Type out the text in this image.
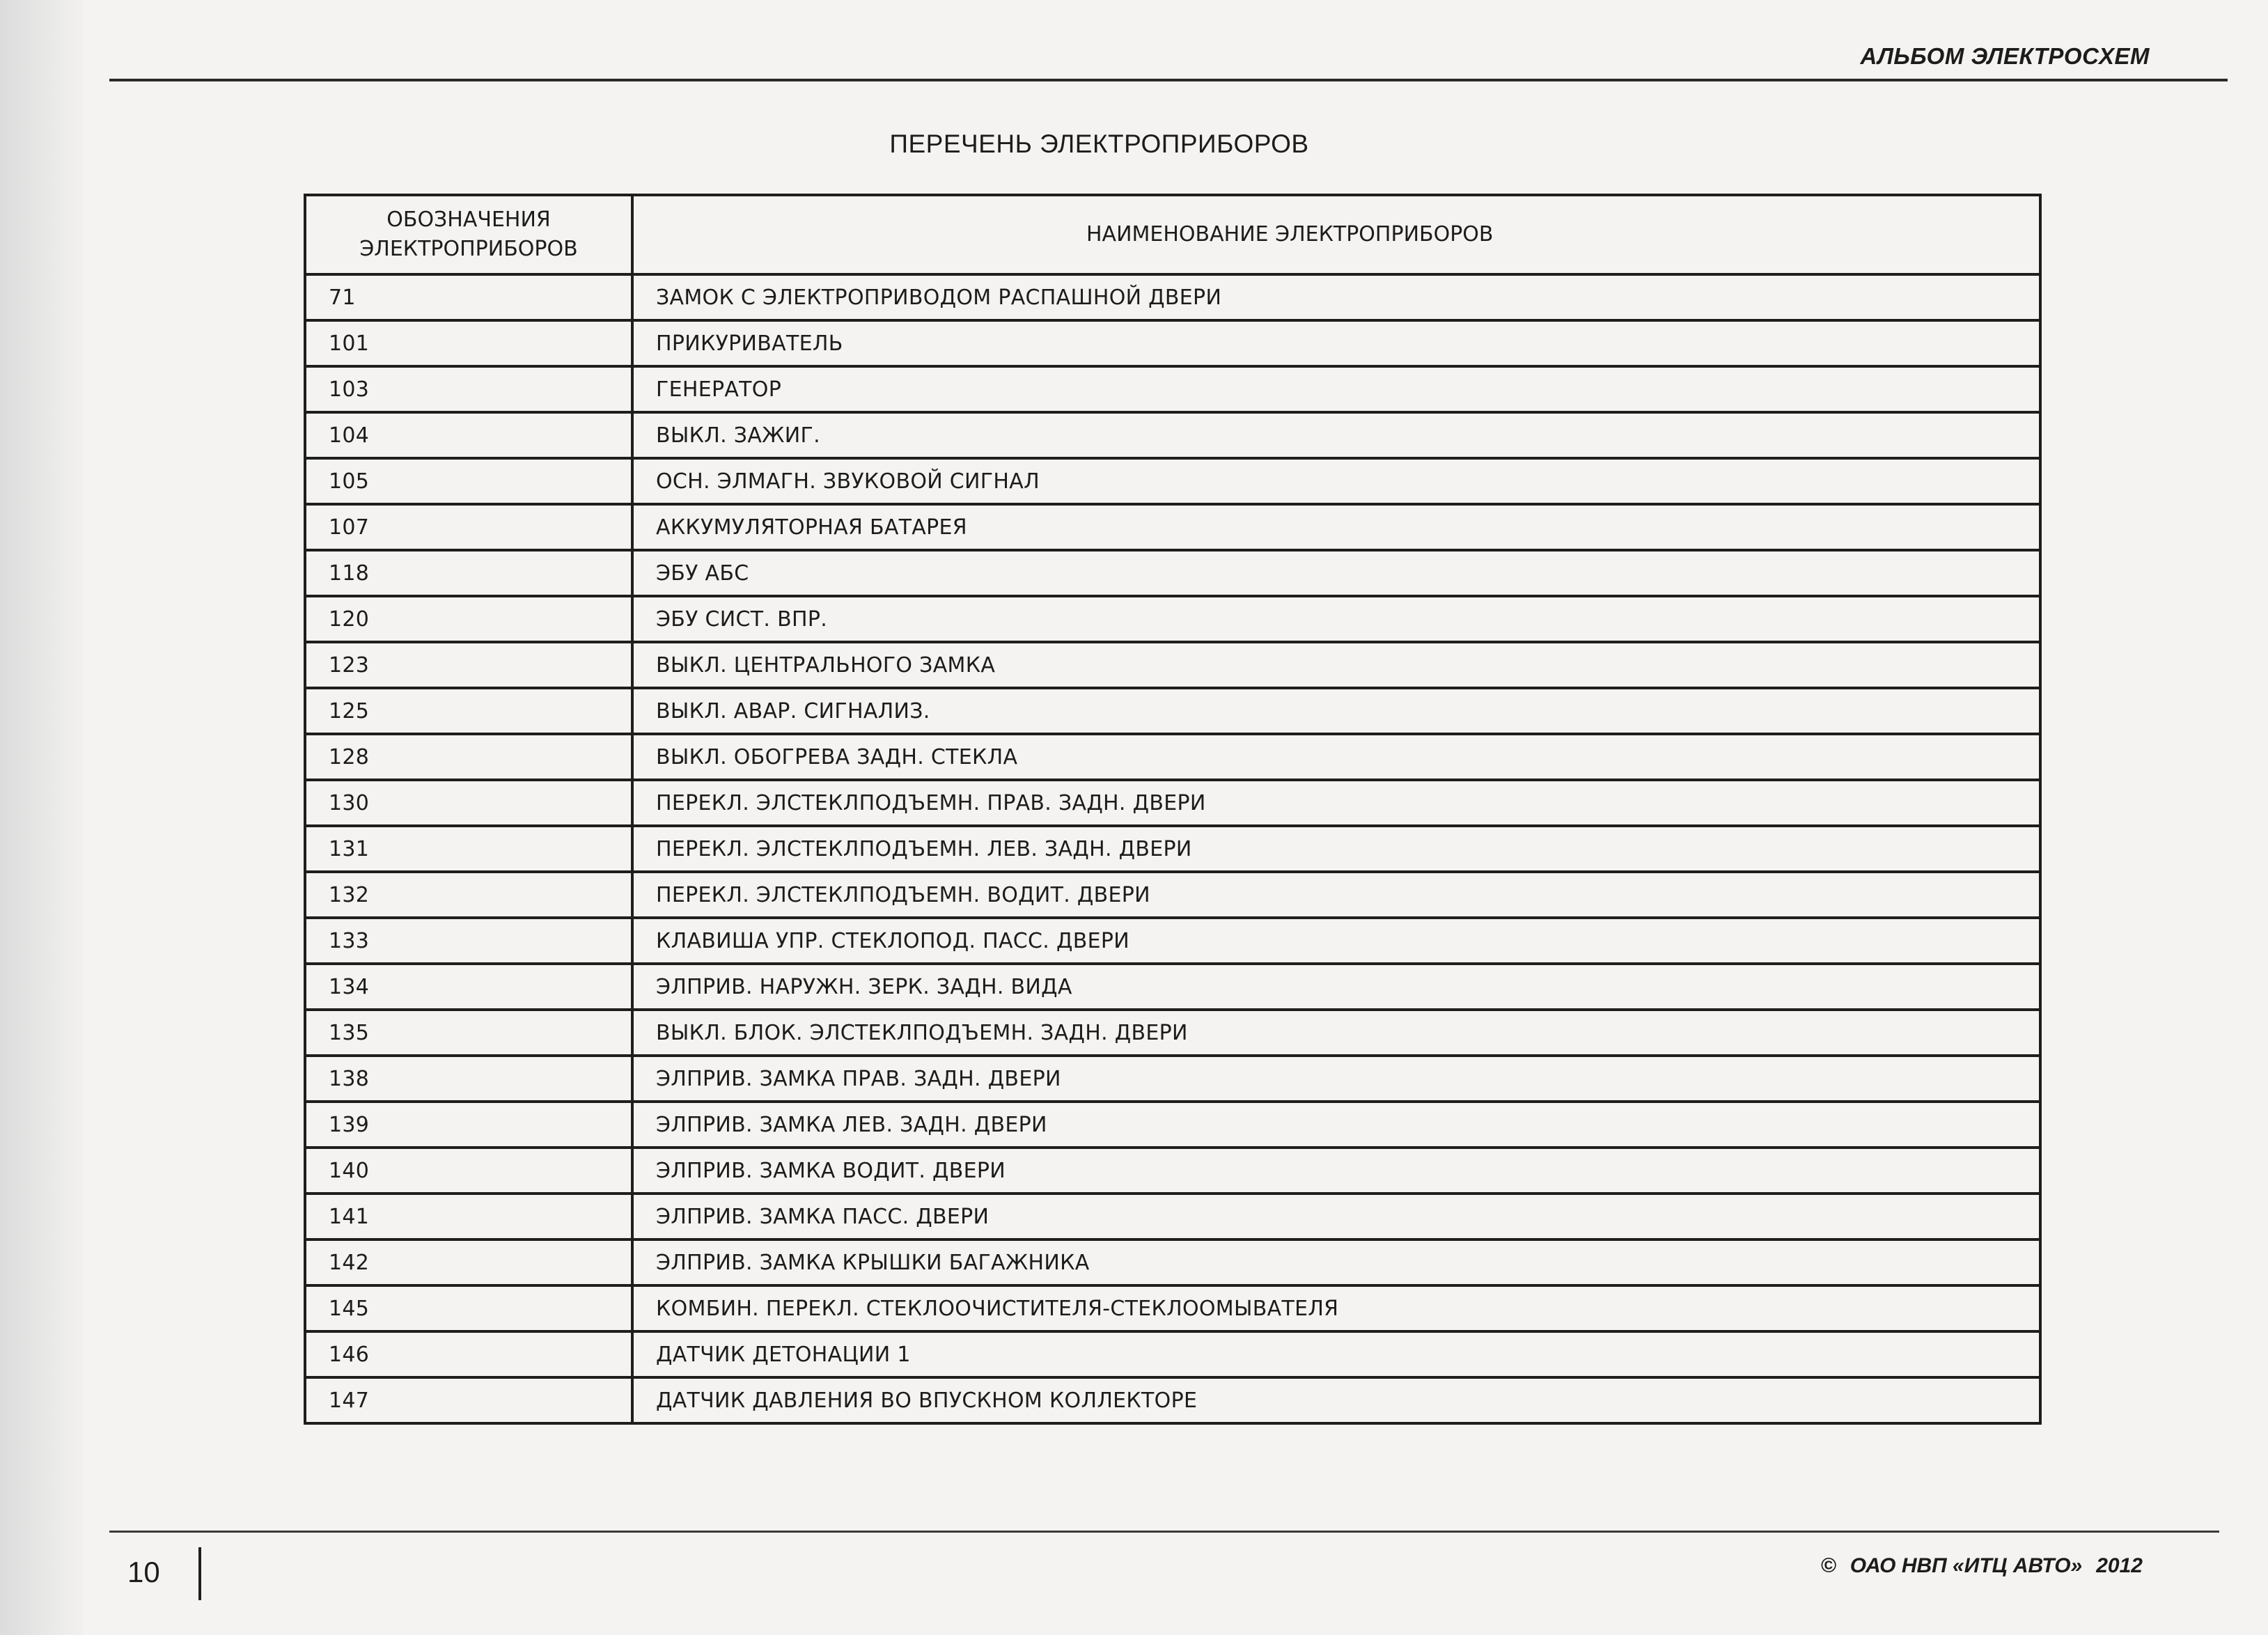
АЛЬБОМ ЭЛЕКТРОСХЕМ
ПЕРЕЧЕНЬ ЭЛЕКТРОПРИБОРОВ
ОБОЗНАЧЕНИЯ ЭЛЕКТРОПРИБОРОВ	НАИМЕНОВАНИЕ ЭЛЕКТРОПРИБОРОВ
71	ЗАМОК С ЭЛЕКТРОПРИВОДОМ РАСПАШНОЙ ДВЕРИ
101	ПРИКУРИВАТЕЛЬ
103	ГЕНЕРАТОР
104	ВЫКЛ. ЗАЖИГ.
105	ОСН. ЭЛМАГН. ЗВУКОВОЙ СИГНАЛ
107	АККУМУЛЯТОРНАЯ БАТАРЕЯ
118	ЭБУ АБС
120	ЭБУ СИСТ. ВПР.
123	ВЫКЛ. ЦЕНТРАЛЬНОГО ЗАМКА
125	ВЫКЛ. АВАР. СИГНАЛИЗ.
128	ВЫКЛ. ОБОГРЕВА ЗАДН. СТЕКЛА
130	ПЕРЕКЛ. ЭЛСТЕКЛПОДЪЕМН. ПРАВ. ЗАДН. ДВЕРИ
131	ПЕРЕКЛ. ЭЛСТЕКЛПОДЪЕМН. ЛЕВ. ЗАДН. ДВЕРИ
132	ПЕРЕКЛ. ЭЛСТЕКЛПОДЪЕМН. ВОДИТ. ДВЕРИ
133	КЛАВИША УПР. СТЕКЛОПОД. ПАСС. ДВЕРИ
134	ЭЛПРИВ. НАРУЖН. ЗЕРК. ЗАДН. ВИДА
135	ВЫКЛ. БЛОК. ЭЛСТЕКЛПОДЪЕМН. ЗАДН. ДВЕРИ
138	ЭЛПРИВ. ЗАМКА ПРАВ. ЗАДН. ДВЕРИ
139	ЭЛПРИВ. ЗАМКА ЛЕВ. ЗАДН. ДВЕРИ
140	ЭЛПРИВ. ЗАМКА ВОДИТ. ДВЕРИ
141	ЭЛПРИВ. ЗАМКА ПАСС. ДВЕРИ
142	ЭЛПРИВ. ЗАМКА КРЫШКИ БАГАЖНИКА
145	КОМБИН. ПЕРЕКЛ. СТЕКЛООЧИСТИТЕЛЯ-СТЕКЛООМЫВАТЕЛЯ
146	ДАТЧИК ДЕТОНАЦИИ 1
147	ДАТЧИК ДАВЛЕНИЯ ВО ВПУСКНОМ КОЛЛЕКТОРЕ
10	© ОАО НВП «ИТЦ АВТО» 2012
